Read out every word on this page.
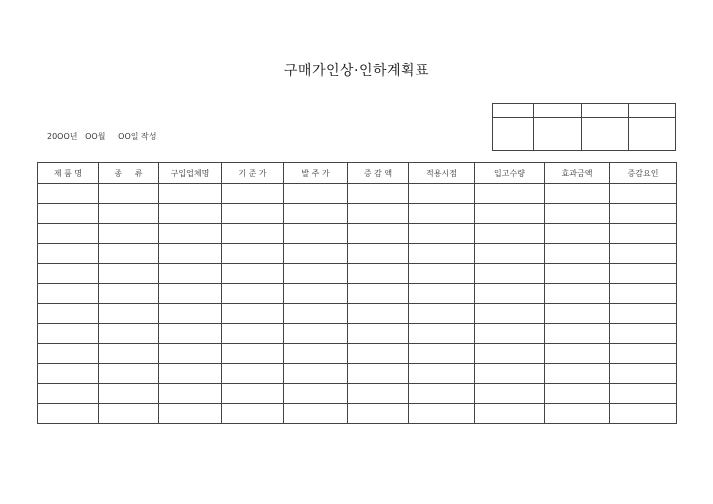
구매가인상·인하계획표
20OO년   OO월     OO일 작성

제 품 명	종     류	구입업체명	기 준 가	발 주 가	증 감 액	적용시점	입고수량	효과금액	증감요인
